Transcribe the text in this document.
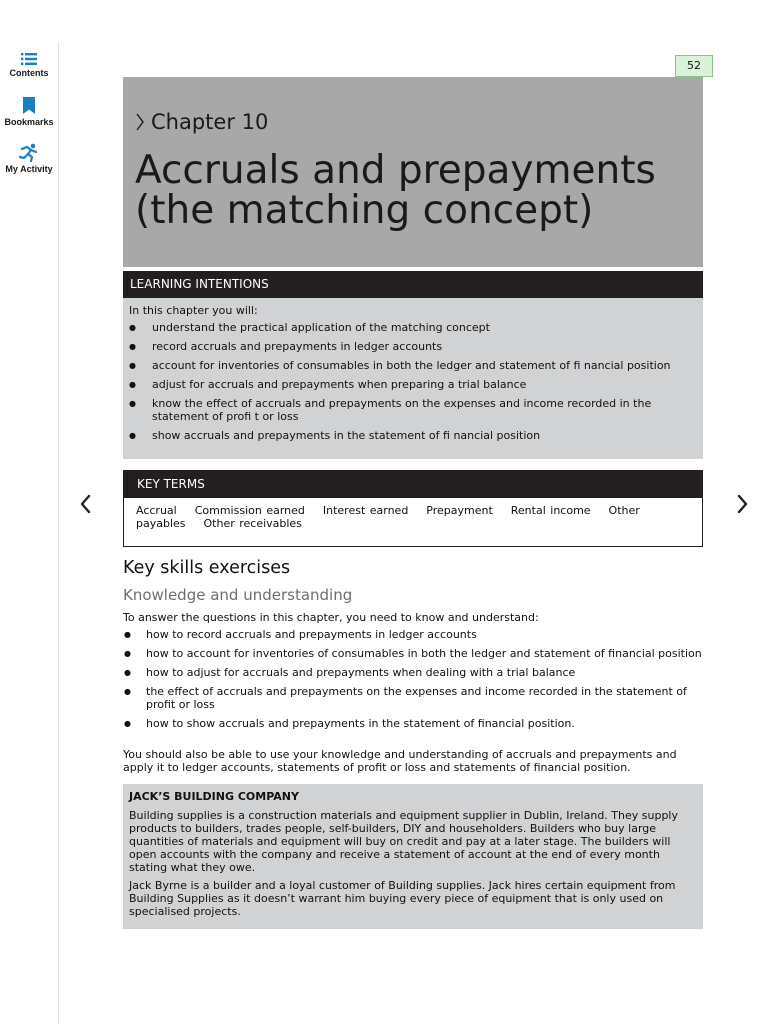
Contents
Bookmarks
My Activity
52
Chapter 10
Accruals and prepayments
(the matching concept)
LEARNING INTENTIONS

In this chapter you will:

● understand the practical application of the matching concept
● record accruals and prepayments in ledger accounts
● account for inventories of consumables in both the ledger and statement of fi nancial position
● adjust for accruals and prepayments when preparing a trial balance
● know the effect of accruals and prepayments on the expenses and income recorded in the statement of profi t or loss
● show accruals and prepayments in the statement of fi nancial position
KEY TERMS
Accrual    Commission earned    Interest earned    Prepayment    Rental income    Other payables    Other receivables
Key skills exercises
Knowledge and understanding

To answer the questions in this chapter, you need to know and understand:

● how to record accruals and prepayments in ledger accounts
● how to account for inventories of consumables in both the ledger and statement of financial position
● how to adjust for accruals and prepayments when dealing with a trial balance
● the effect of accruals and prepayments on the expenses and income recorded in the statement of profit or loss
● how to show accruals and prepayments in the statement of financial position.

You should also be able to use your knowledge and understanding of accruals and prepayments and apply it to ledger accounts, statements of profit or loss and statements of financial position.

JACK’S BUILDING COMPANY

Building supplies is a construction materials and equipment supplier in Dublin, Ireland. They supply products to builders, trades people, self-builders, DIY and householders. Builders who buy large quantities of materials and equipment will buy on credit and pay at a later stage. The builders will open accounts with the company and receive a statement of account at the end of every month stating what they owe.

Jack Byrne is a builder and a loyal customer of Building supplies. Jack hires certain equipment from Building Supplies as it doesn’t warrant him buying every piece of equipment that is only used on specialised projects.
